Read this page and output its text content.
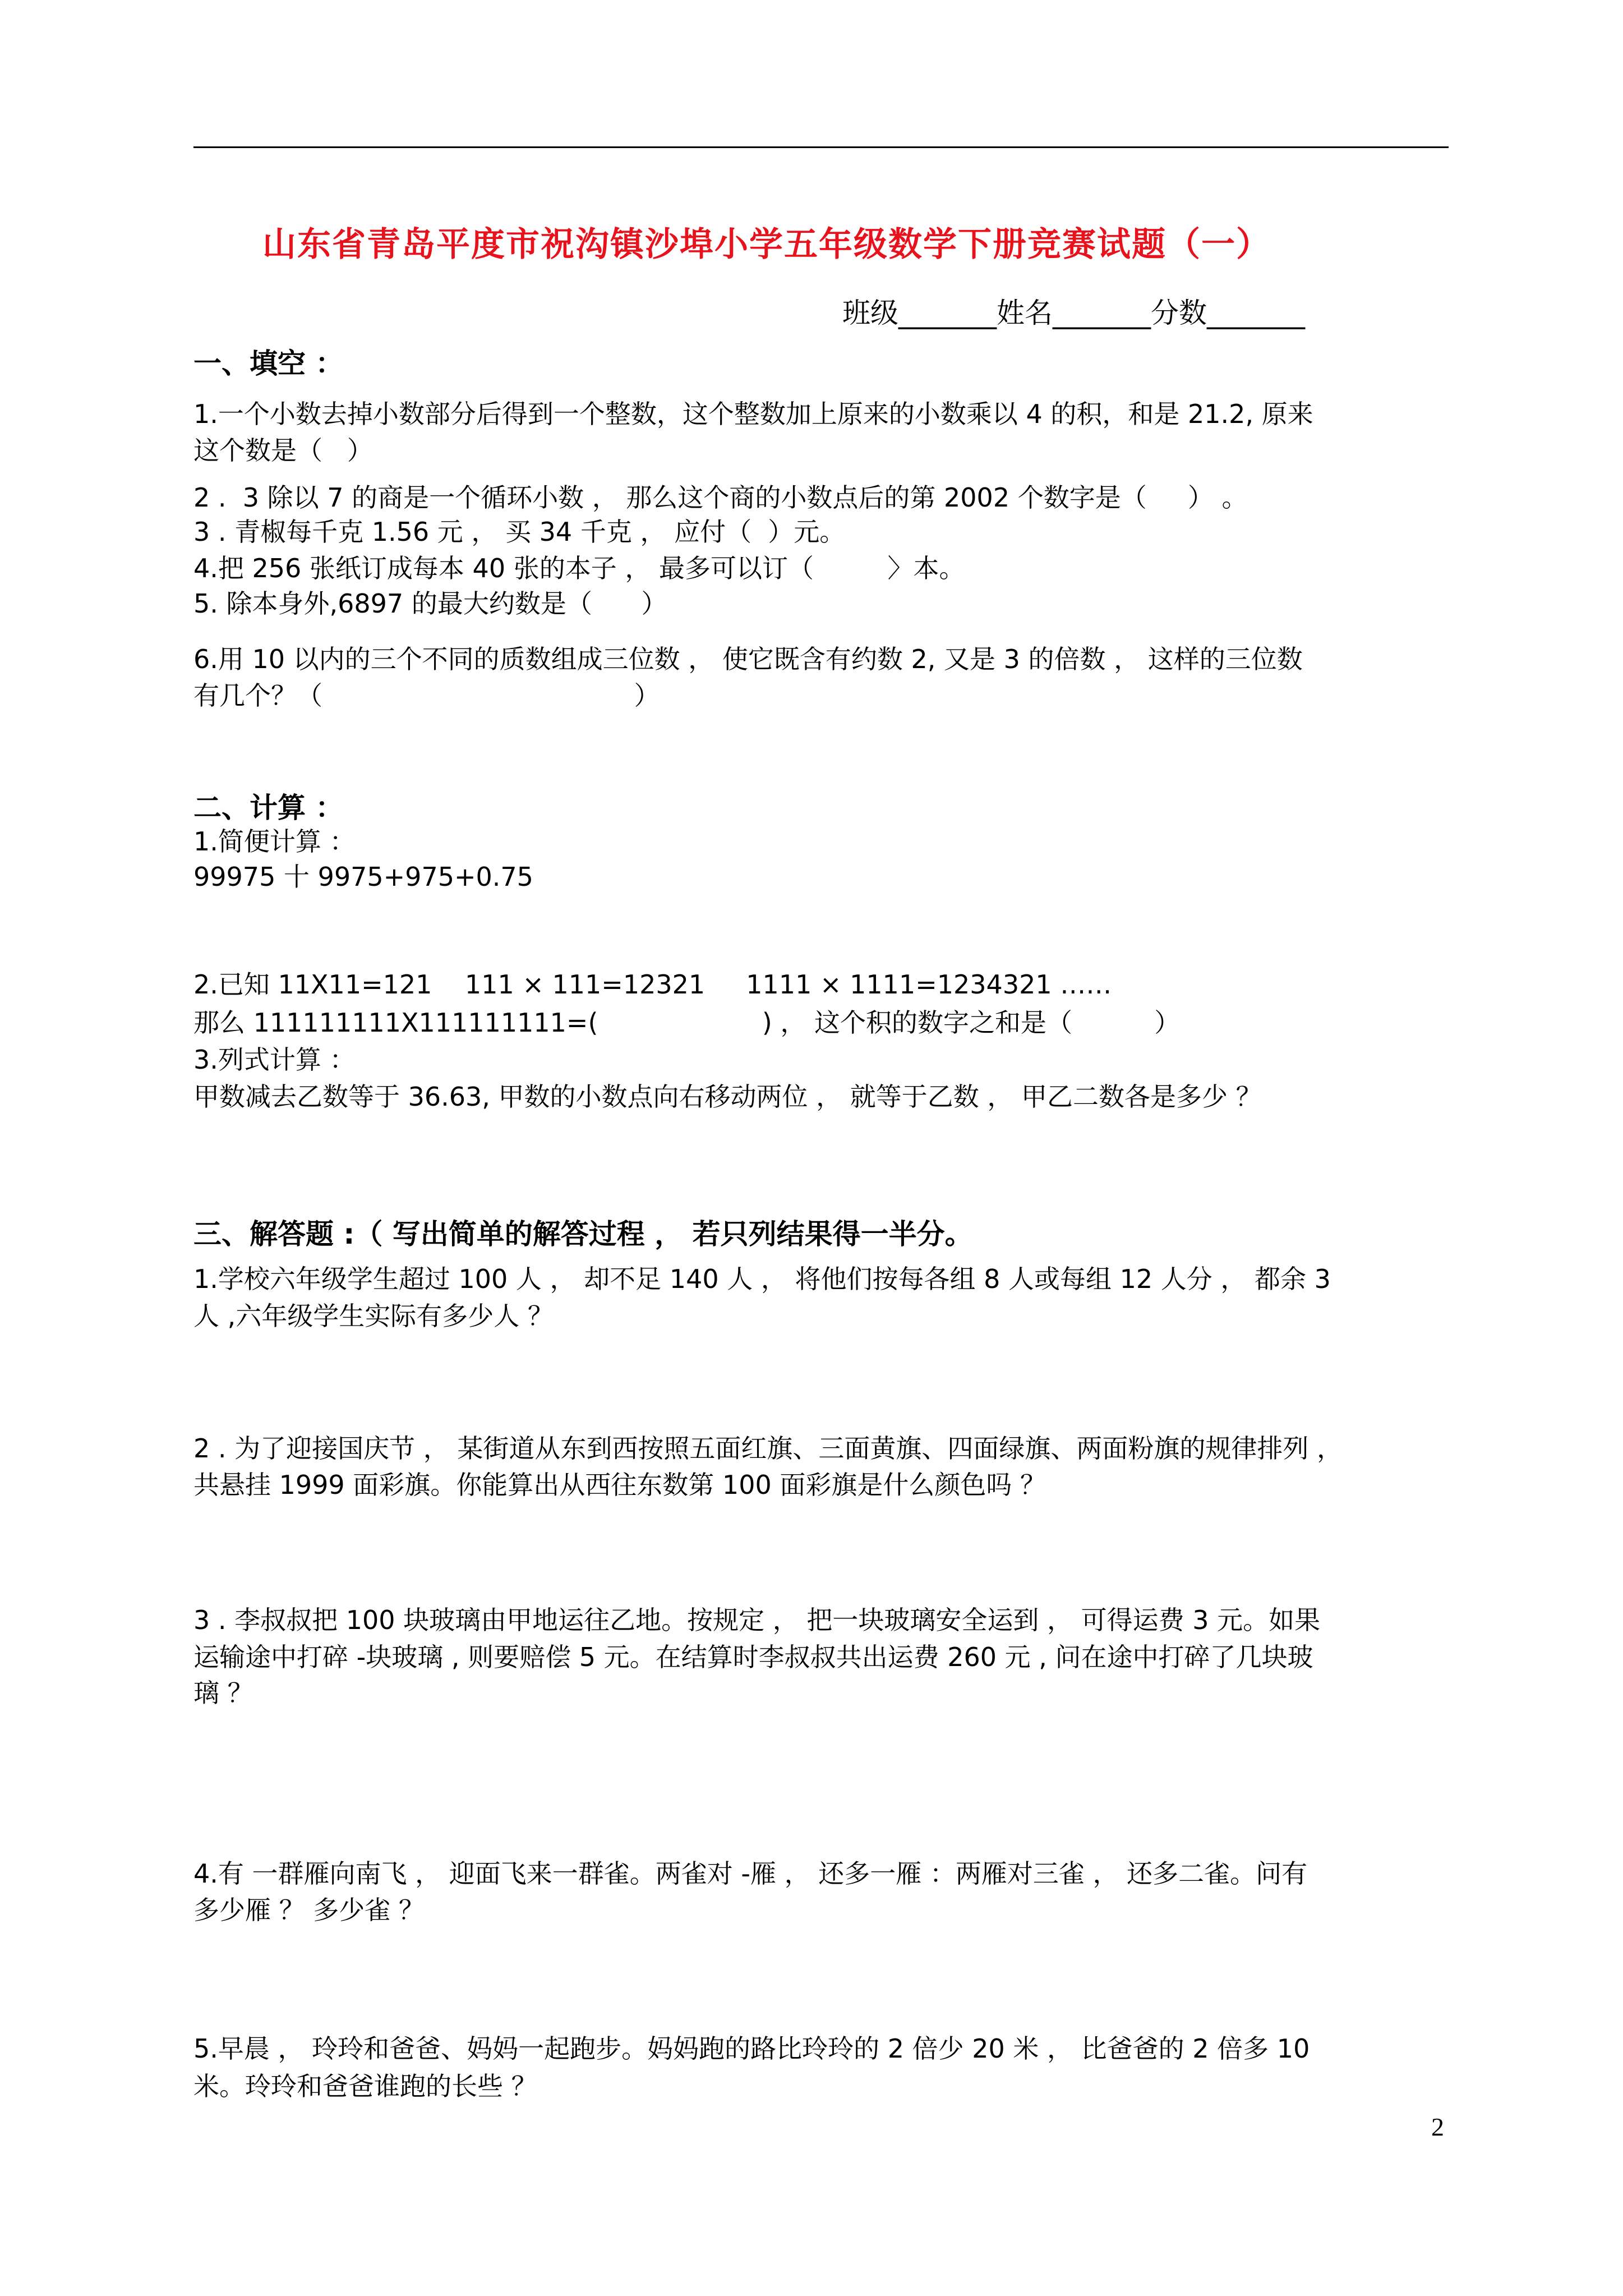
山东省青岛平度市祝沟镇沙埠小学五年级数学下册竞赛试题（一）
班级_______姓名_______分数_______
一、填空 ：
1.一个小数去掉小数部分后得到一个整数，这个整数加上原来的小数乘以 4 的积，和是 21.2, 原来
这个数是（   ）
2 .  3 除以 7 的商是一个循环小数 ， 那么这个商的小数点后的第 2002 个数字是（     ） 。
3 . 青椒每千克 1.56 元 ， 买 34 千克 ， 应付（  ）元。
4.把 256 张纸订成每本 40 张的本子 ， 最多可以订（         〉本。
5. 除本身外,6897 的最大约数是（      ）
6.用 10 以内的三个不同的质数组成三位数 ， 使它既含有约数 2, 又是 3 的倍数 ， 这样的三位数
有几个？（                                      ）
二、计算 ：
1.简便计算 ：
99975 十 9975+975+0.75
2.已知 11X11=121    111 × 111=12321     1111 × 1111=1234321 ……
那么 111111111X111111111=(                    ) ， 这个积的数字之和是（          ）
3.列式计算 ：
甲数减去乙数等于 36.63, 甲数的小数点向右移动两位 ， 就等于乙数 ， 甲乙二数各是多少 ？
三、解答题 :（ 写出简单的解答过程 ， 若只列结果得一半分。
1.学校六年级学生超过 100 人 ， 却不足 140 人 ， 将他们按每各组 8 人或每组 12 人分 ， 都余 3
人 ,六年级学生实际有多少人 ？
2 . 为了迎接国庆节 ， 某街道从东到西按照五面红旗、三面黄旗、四面绿旗、两面粉旗的规律排列 ，
共悬挂 1999 面彩旗。你能算出从西往东数第 100 面彩旗是什么颜色吗 ？
3 . 李叔叔把 100 块玻璃由甲地运往乙地。按规定 ， 把一块玻璃安全运到 ， 可得运费 3 元。如果
运输途中打碎 -块玻璃 , 则要赔偿 5 元。在结算时李叔叔共出运费 260 元 , 问在途中打碎了几块玻
璃 ？
4.有 一群雁向南飞 ， 迎面飞来一群雀。两雀对 -雁 ， 还多一雁 ：两雁对三雀 ， 还多二雀。问有
多少雁 ？ 多少雀 ？
5.早晨 ， 玲玲和爸爸、妈妈一起跑步。妈妈跑的路比玲玲的 2 倍少 20 米 ， 比爸爸的 2 倍多 10
米。玲玲和爸爸谁跑的长些 ？
2
